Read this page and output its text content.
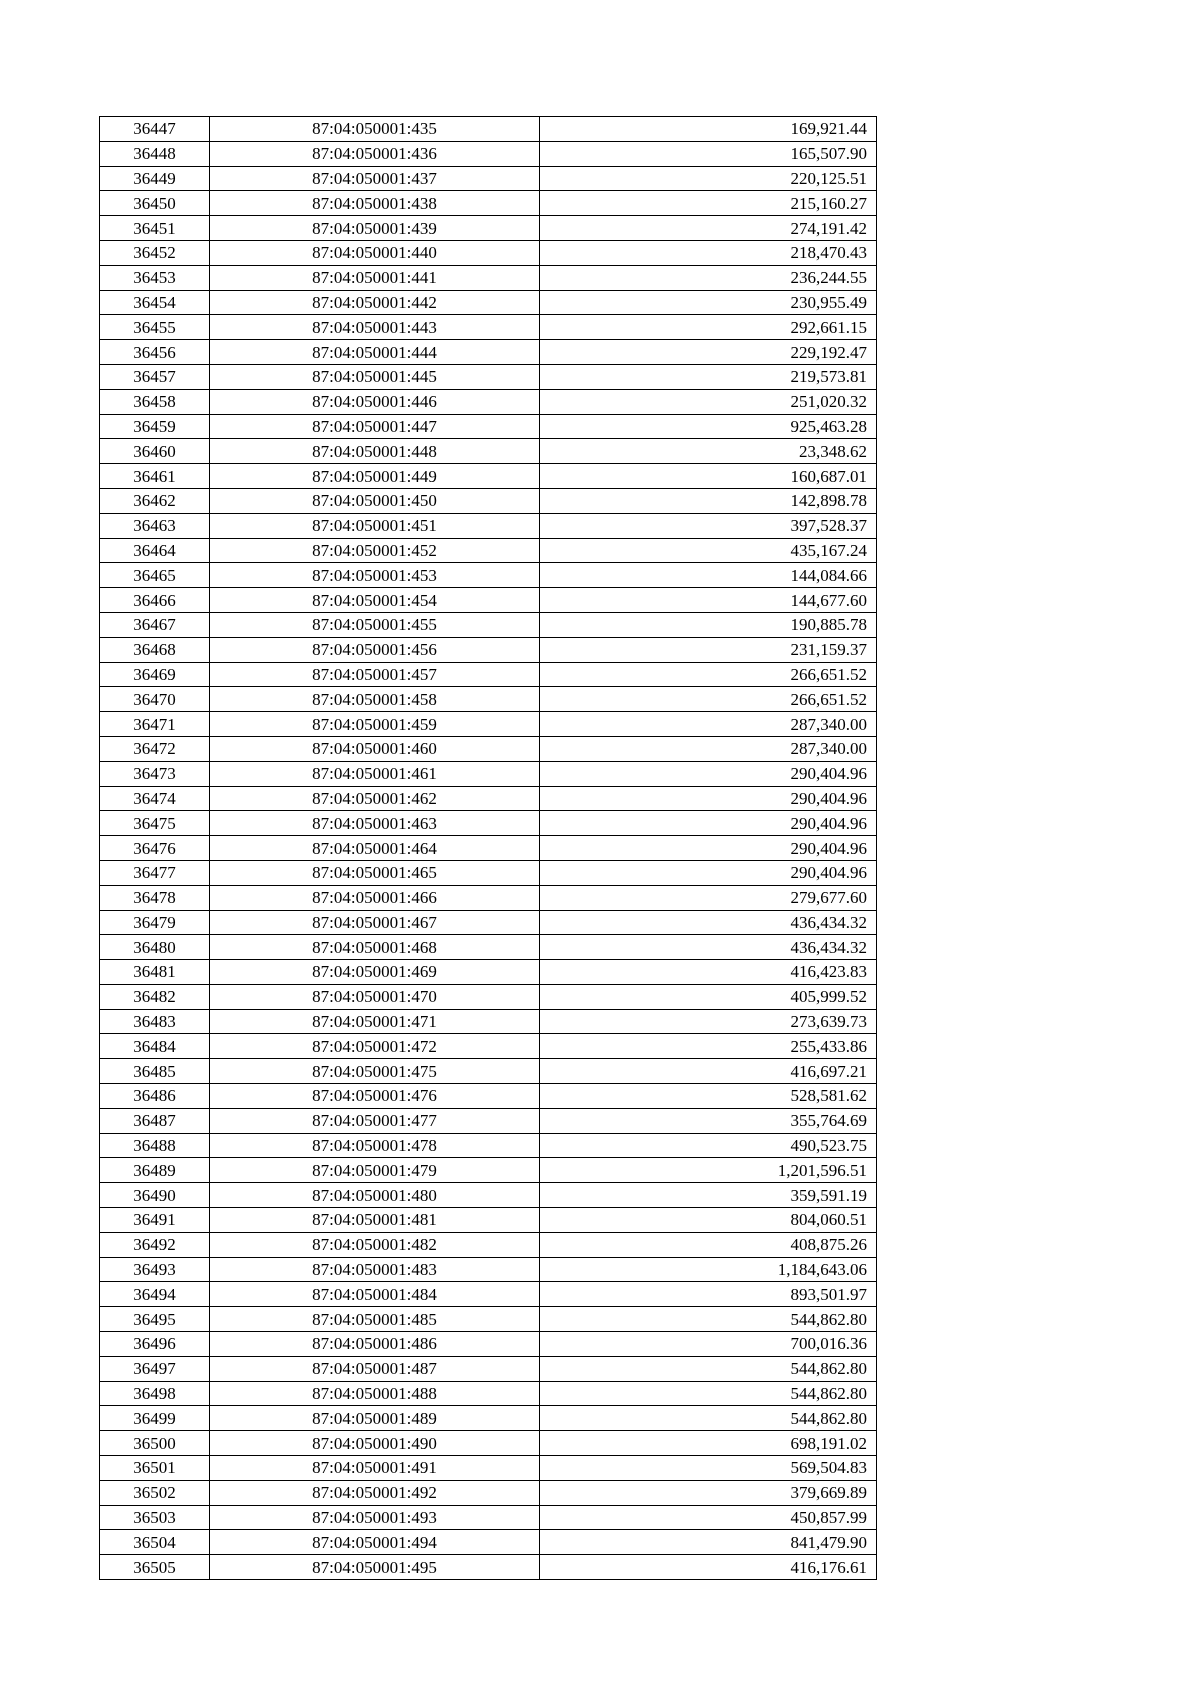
36447	87:04:050001:435	169,921.44
36448	87:04:050001:436	165,507.90
36449	87:04:050001:437	220,125.51
36450	87:04:050001:438	215,160.27
36451	87:04:050001:439	274,191.42
36452	87:04:050001:440	218,470.43
36453	87:04:050001:441	236,244.55
36454	87:04:050001:442	230,955.49
36455	87:04:050001:443	292,661.15
36456	87:04:050001:444	229,192.47
36457	87:04:050001:445	219,573.81
36458	87:04:050001:446	251,020.32
36459	87:04:050001:447	925,463.28
36460	87:04:050001:448	23,348.62
36461	87:04:050001:449	160,687.01
36462	87:04:050001:450	142,898.78
36463	87:04:050001:451	397,528.37
36464	87:04:050001:452	435,167.24
36465	87:04:050001:453	144,084.66
36466	87:04:050001:454	144,677.60
36467	87:04:050001:455	190,885.78
36468	87:04:050001:456	231,159.37
36469	87:04:050001:457	266,651.52
36470	87:04:050001:458	266,651.52
36471	87:04:050001:459	287,340.00
36472	87:04:050001:460	287,340.00
36473	87:04:050001:461	290,404.96
36474	87:04:050001:462	290,404.96
36475	87:04:050001:463	290,404.96
36476	87:04:050001:464	290,404.96
36477	87:04:050001:465	290,404.96
36478	87:04:050001:466	279,677.60
36479	87:04:050001:467	436,434.32
36480	87:04:050001:468	436,434.32
36481	87:04:050001:469	416,423.83
36482	87:04:050001:470	405,999.52
36483	87:04:050001:471	273,639.73
36484	87:04:050001:472	255,433.86
36485	87:04:050001:475	416,697.21
36486	87:04:050001:476	528,581.62
36487	87:04:050001:477	355,764.69
36488	87:04:050001:478	490,523.75
36489	87:04:050001:479	1,201,596.51
36490	87:04:050001:480	359,591.19
36491	87:04:050001:481	804,060.51
36492	87:04:050001:482	408,875.26
36493	87:04:050001:483	1,184,643.06
36494	87:04:050001:484	893,501.97
36495	87:04:050001:485	544,862.80
36496	87:04:050001:486	700,016.36
36497	87:04:050001:487	544,862.80
36498	87:04:050001:488	544,862.80
36499	87:04:050001:489	544,862.80
36500	87:04:050001:490	698,191.02
36501	87:04:050001:491	569,504.83
36502	87:04:050001:492	379,669.89
36503	87:04:050001:493	450,857.99
36504	87:04:050001:494	841,479.90
36505	87:04:050001:495	416,176.61
